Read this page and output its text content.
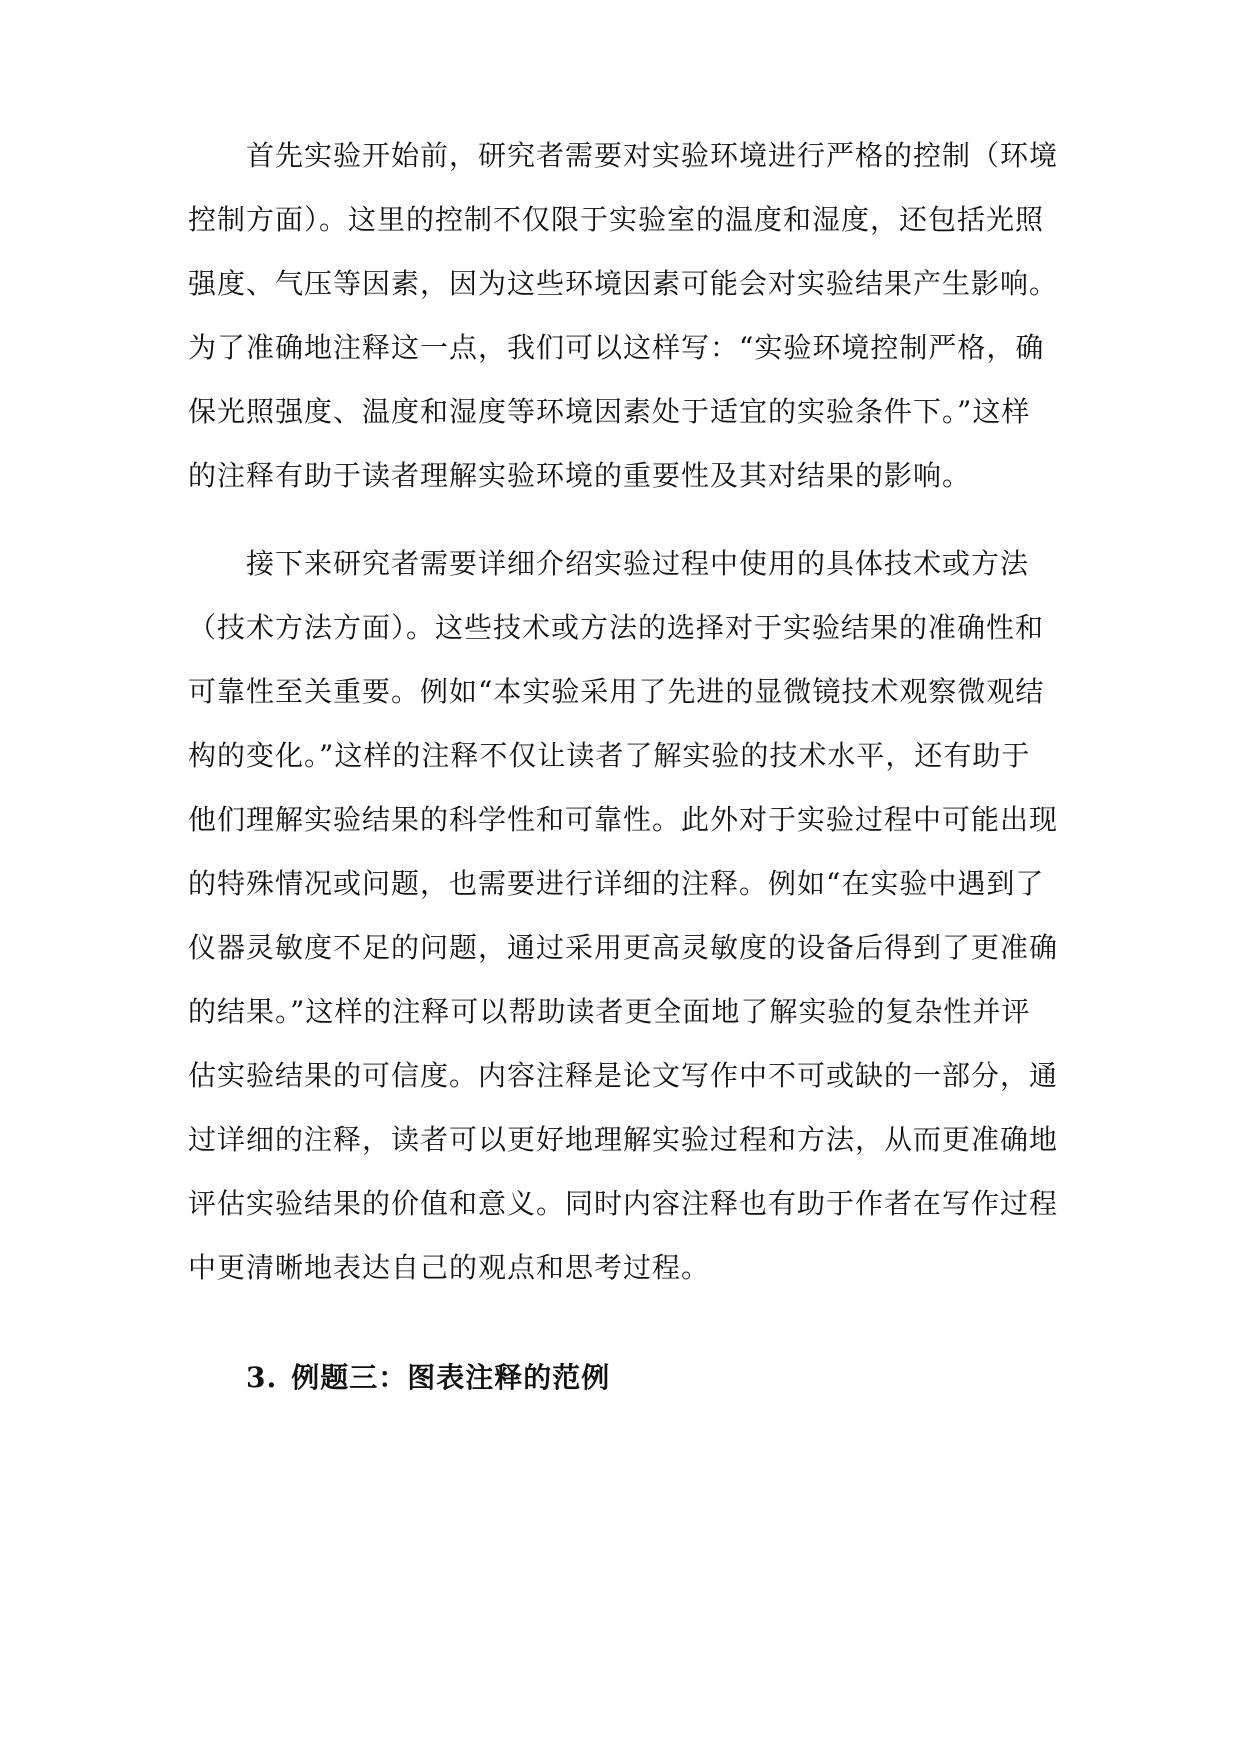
首先实验开始前，研究者需要对实验环境进行严格的控制（环境
控制方面）。这里的控制不仅限于实验室的温度和湿度，还包括光照
强度、气压等因素，因为这些环境因素可能会对实验结果产生影响。
为了准确地注释这一点，我们可以这样写：“实验环境控制严格，确
保光照强度、温度和湿度等环境因素处于适宜的实验条件下。”这样
的注释有助于读者理解实验环境的重要性及其对结果的影响。
接下来研究者需要详细介绍实验过程中使用的具体技术或方法
（技术方法方面）。这些技术或方法的选择对于实验结果的准确性和
可靠性至关重要。例如“本实验采用了先进的显微镜技术观察微观结
构的变化。”这样的注释不仅让读者了解实验的技术水平，还有助于
他们理解实验结果的科学性和可靠性。此外对于实验过程中可能出现
的特殊情况或问题，也需要进行详细的注释。例如“在实验中遇到了
仪器灵敏度不足的问题，通过采用更高灵敏度的设备后得到了更准确
的结果。”这样的注释可以帮助读者更全面地了解实验的复杂性并评
估实验结果的可信度。内容注释是论文写作中不可或缺的一部分，通
过详细的注释，读者可以更好地理解实验过程和方法，从而更准确地
评估实验结果的价值和意义。同时内容注释也有助于作者在写作过程
中更清晰地表达自己的观点和思考过程。
3. 例题三：图表注释的范例
